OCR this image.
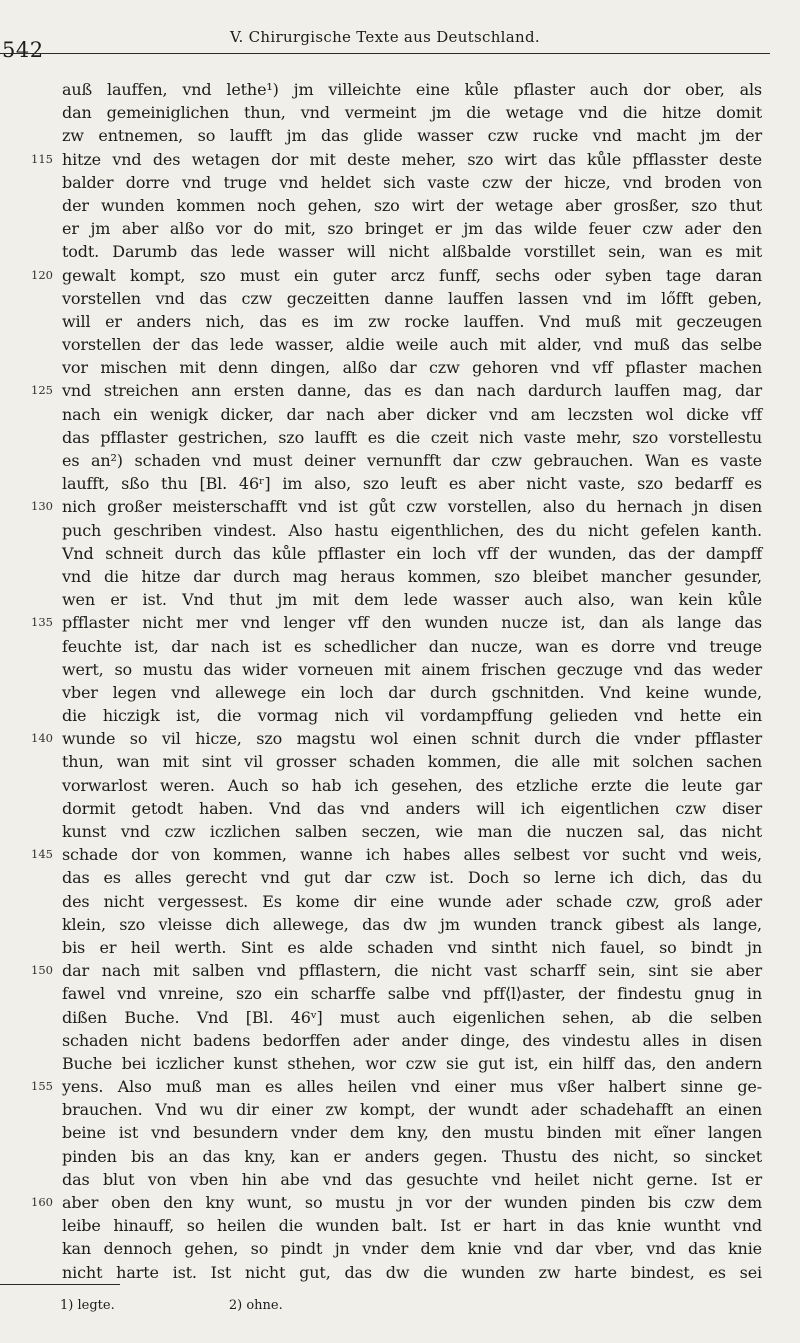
542
V. Chirurgische Texte aus Deutschland.
auß lauffen, vnd lethe¹) jm villeichte eine kůle pflaster auch dor ober, als
dan gemeiniglichen thun, vnd vermeint jm die wetage vnd die hitze domit
zw entnemen, so laufft jm das glide wasser czw rucke vnd macht jm der
115 hitze vnd des wetagen dor mit deste meher, szo wirt das kůle pfflasster deste
balder dorre vnd truge vnd heldet sich vaste czw der hicze, vnd broden von
der wunden kommen noch gehen, szo wirt der wetage aber grosßer, szo thut
er jm aber alßo vor do mit, szo bringet er jm das wilde feuer czw ader den
todt. Darumb das lede wasser will nicht alßbalde vorstillet sein, wan es mit
120 gewalt kompt, szo must ein guter arcz funff, sechs oder syben tage daran
vorstellen vnd das czw geczeitten danne lauffen lassen vnd im lőfft geben,
will er anders nich, das es im zw rocke lauffen. Vnd muß mit geczeugen
vorstellen der das lede wasser, aldie weile auch mit alder, vnd muß das selbe
vor mischen mit denn dingen, alßo dar czw gehoren vnd vff pflaster machen
125 vnd streichen ann ersten danne, das es dan nach dardurch lauffen mag, dar
nach ein wenigk dicker, dar nach aber dicker vnd am leczsten wol dicke vff
das pfflaster gestrichen, szo laufft es die czeit nich vaste mehr, szo vorstellestu
es an²) schaden vnd must deiner vernunfft dar czw gebrauchen. Wan es vaste
laufft, sßo thu [Bl. 46ʳ] im also, szo leuft es aber nicht vaste, szo bedarff es
130 nich großer meisterschafft vnd ist gůt czw vorstellen, also du hernach jn disen
puch geschriben vindest. Also hastu eigenthlichen, des du nicht gefelen kanth.
Vnd schneit durch das kůle pfflaster ein loch vff der wunden, das der dampff
vnd die hitze dar durch mag heraus kommen, szo bleibet mancher gesunder,
wen er ist. Vnd thut jm mit dem lede wasser auch also, wan kein kůle
135 pfflaster nicht mer vnd lenger vff den wunden nucze ist, dan als lange das
feuchte ist, dar nach ist es schedlicher dan nucze, wan es dorre vnd treuge
wert, so mustu das wider vorneuen mit ainem frischen geczuge vnd das weder
vber legen vnd allewege ein loch dar durch gschnitden. Vnd keine wunde,
die hiczigk ist, die vormag nich vil vordampffung gelieden vnd hette ein
140 wunde so vil hicze, szo magstu wol einen schnit durch die vnder pfflaster
thun, wan mit sint vil grosser schaden kommen, die alle mit solchen sachen
vorwarlost weren. Auch so hab ich gesehen, des etzliche erzte die leute gar
dormit getodt haben. Vnd das vnd anders will ich eigentlichen czw diser
kunst vnd czw iczlichen salben seczen, wie man die nuczen sal, das nicht
145 schade dor von kommen, wanne ich habes alles selbest vor sucht vnd weis,
das es alles gerecht vnd gut dar czw ist. Doch so lerne ich dich, das du
des nicht vergessest. Es kome dir eine wunde ader schade czw, groß ader
klein, szo vleisse dich allewege, das dw jm wunden tranck gibest als lange,
bis er heil werth. Sint es alde schaden vnd sintht nich fauel, so bindt jn
150 dar nach mit salben vnd pfflastern, die nicht vast scharff sein, sint sie aber
fawel vnd vnreine, szo ein scharffe salbe vnd pff⟨l⟩aster, der findestu gnug in
dißen Buche. Vnd [Bl. 46ᵛ] must auch eigenlichen sehen, ab die selben
schaden nicht badens bedorffen ader ander dinge, des vindestu alles in disen
Buche bei iczlicher kunst sthehen, wor czw sie gut ist, ein hilff das, den andern
155 yens. Also muß man es alles heilen vnd einer mus vßer halbert sinne ge-
brauchen. Vnd wu dir einer zw kompt, der wundt ader schadehafft an einen
beine ist vnd besundern vnder dem kny, den mustu binden mit eĩner langen
pinden bis an das kny, kan er anders gegen. Thustu des nicht, so sincket
das blut von vben hin abe vnd das gesuchte vnd heilet nicht gerne. Ist er
160 aber oben den kny wunt, so mustu jn vor der wunden pinden bis czw dem
leibe hinauff, so heilen die wunden balt. Ist er hart in das knie wuntht vnd
kan dennoch gehen, so pindt jn vnder dem knie vnd dar vber, vnd das knie
nicht harte ist. Ist nicht gut, das dw die wunden zw harte bindest, es sei
1) legte.	2) ohne.
